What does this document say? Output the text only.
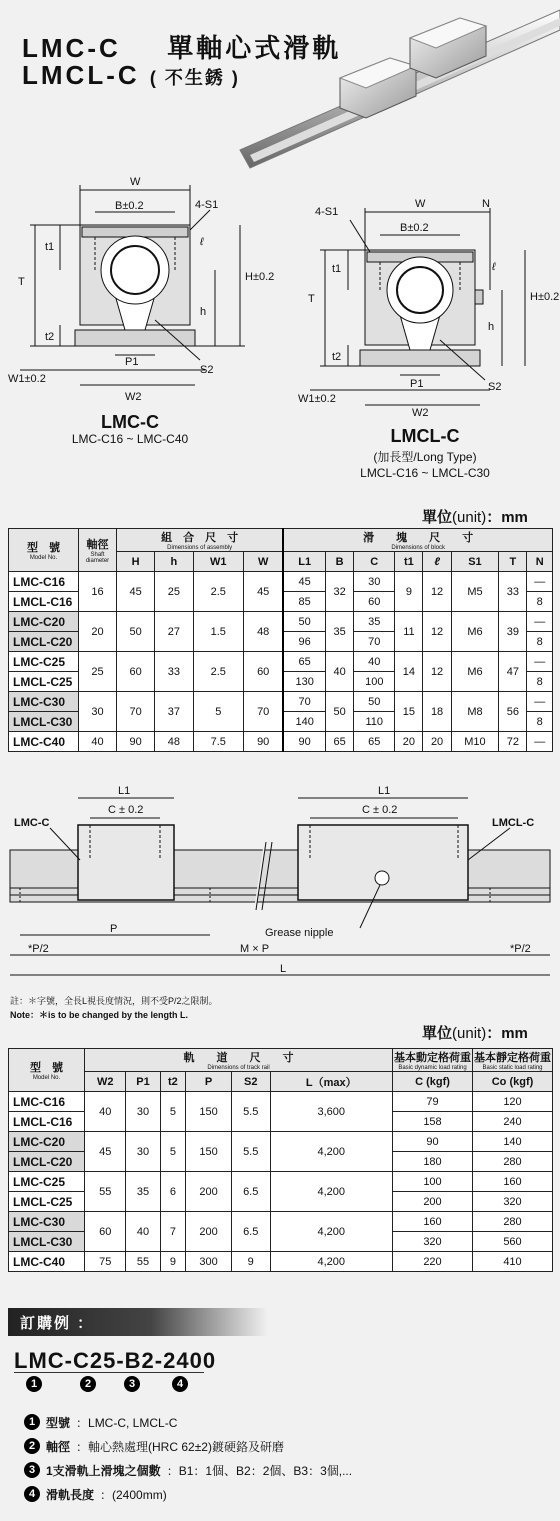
LMC-C 單軸心式滑軌
LMCL-C ( 不生銹 )
W
B±0.2	4-S1
t1	ℓ
T
h
H±0.2
t2
P1
S2
W1±0.2
W2
LMC-C
LMC-C16 ~ LMC-C40
W	N
B±0.2
4-S1
t1	ℓ
T
h
H±0.2
t2
P1	S2
W1±0.2
W2
LMCL-C
(加長型/Long Type)
LMCL-C16 ~ LMCL-C30
單位(unit)：mm
型　號
Model No.	軸徑
Shaft diameter	組　合　尺　寸
Dimensions of assembly				滑　　塊　　尺　　寸
Dimensions of block							

		H	h	W1	W	L1	B	C	t1	ℓ	S1	T	N
LMC-C16	16	45	25	2.5	45	45	32	30	9	12	M5	33	—
LMCL-C16						85		60					8
LMC-C20	20	50	27	1.5	48	50	35	35	11	12	M6	39	—
LMCL-C20						96		70					8
LMC-C25	25	60	33	2.5	60	65	40	40	14	12	M6	47	—
LMCL-C25						130		100					8
LMC-C30	30	70	37	5	70	70	50	50	15	18	M8	56	—
LMCL-C30						140		110					8
LMC-C40	40	90	48	7.5	90	90	65	65	20	20	M10	72	—
L1
C ± 0.2
L1
C ± 0.2
LMC-C	LMCL-C
P	Grease nipple
*P/2	*P/2
M × P
L
註：＊字號，全長L視長度情況，則不受P/2之限制。
Note：＊is to be changed by the length L.
單位(unit)：mm
型　號
Model No.	軌　　道　　尺　　寸
Dimensions of track rail						基本動定格荷重
Basic dynamic load rating	基本靜定格荷重
Basic static load rating

	W2	P1	t2	P	S2	L（max）	C (kgf)	Co (kgf)
LMC-C16	40	30	5	150	5.5	3,600	79	120
LMCL-C16							158	240
LMC-C20	45	30	5	150	5.5	4,200	90	140
LMCL-C20							180	280
LMC-C25	55	35	6	200	6.5	4,200	100	160
LMCL-C25							200	320
LMC-C30	60	40	7	200	6.5	4,200	160	280
LMCL-C30							320	560
LMC-C40	75	55	9	300	9	4,200	220	410
訂購例 ：
LMC-C25-B2-2400
1	2	3	4
1 型號 ：LMC-C, LMCL-C
2 軸徑 ：軸心熱處理(HRC 62±2)鍍硬鉻及研磨
3 1支滑軌上滑塊之個數 ：B1：1個、B2：2個、B3：3個,...
4 滑軌長度 ：(2400mm)
